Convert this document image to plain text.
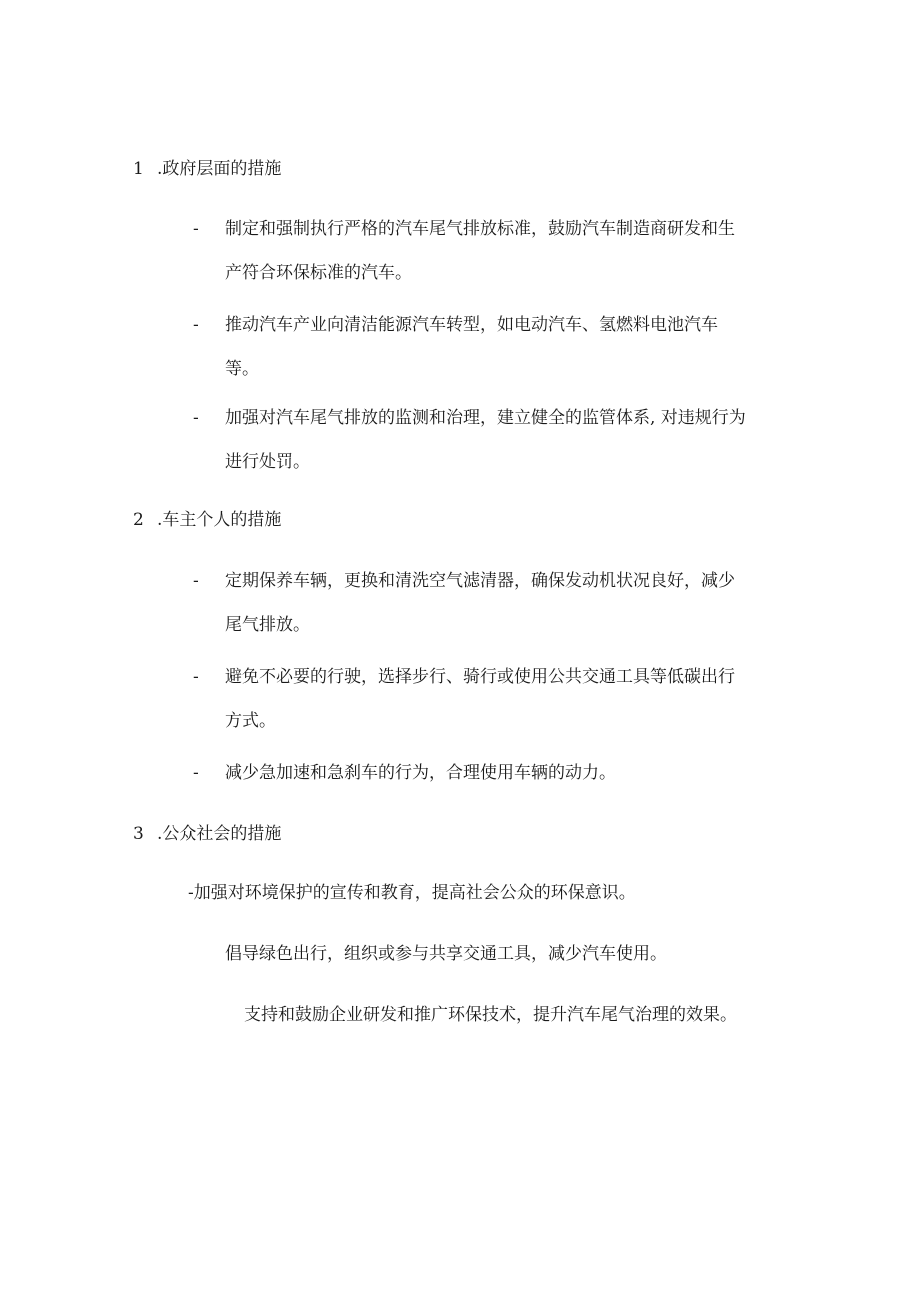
1 .政府层面的措施
-	制定和强制执行严格的汽车尾气排放标准，鼓励汽车制造商研发和生
产符合环保标准的汽车。
-	推动汽车产业向清洁能源汽车转型，如电动汽车、氢燃料电池汽车
等。
-	加强对汽车尾气排放的监测和治理，建立健全的监管体系, 对违规行为
进行处罚。
2 .车主个人的措施
-	定期保养车辆，更换和清洗空气滤清器，确保发动机状况良好，减少
尾气排放。
-	避免不必要的行驶，选择步行、骑行或使用公共交通工具等低碳出行
方式。
-	减少急加速和急刹车的行为，合理使用车辆的动力。
3 .公众社会的措施
-加强对环境保护的宣传和教育，提高社会公众的环保意识。
倡导绿色出行，组织或参与共享交通工具，减少汽车使用。
支持和鼓励企业研发和推广环保技术，提升汽车尾气治理的效果。
